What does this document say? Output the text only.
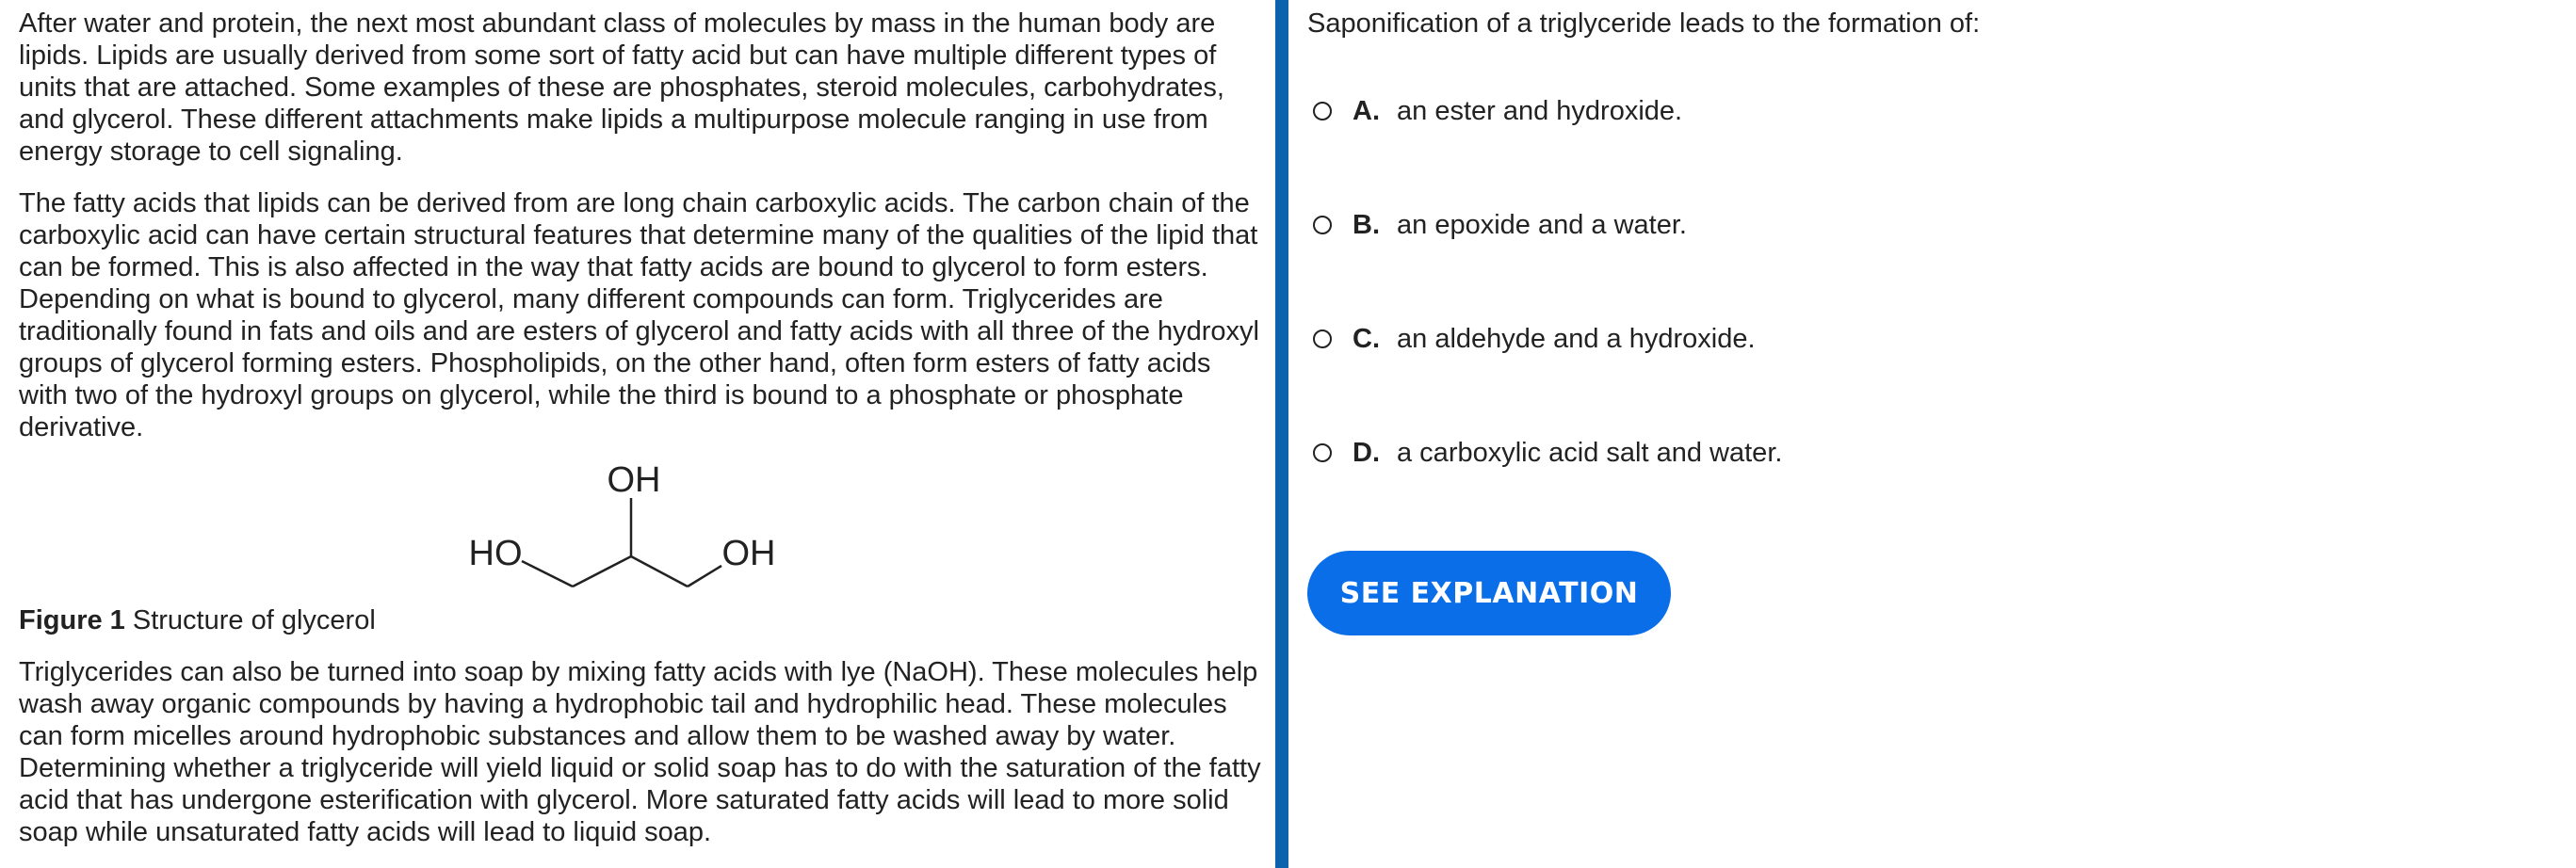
After water and protein, the next most abundant class of molecules by mass in the human body are lipids. Lipids are usually derived from some sort of fatty acid but can have multiple different types of units that are attached. Some examples of these are phosphates, steroid molecules, carbohydrates, and glycerol. These different attachments make lipids a multipurpose molecule ranging in use from energy storage to cell signaling.

The fatty acids that lipids can be derived from are long chain carboxylic acids. The carbon chain of the carboxylic acid can have certain structural features that determine many of the qualities of the lipid that can be formed. This is also affected in the way that fatty acids are bound to glycerol to form esters. Depending on what is bound to glycerol, many different compounds can form. Triglycerides are traditionally found in fats and oils and are esters of glycerol and fatty acids with all three of the hydroxyl groups of glycerol forming esters. Phospholipids, on the other hand, often form esters of fatty acids with two of the hydroxyl groups on glycerol, while the third is bound to a phosphate or phosphate derivative.

OH
HO	OH

Figure 1 Structure of glycerol

Triglycerides can also be turned into soap by mixing fatty acids with lye (NaOH). These molecules help wash away organic compounds by having a hydrophobic tail and hydrophilic head. These molecules can form micelles around hydrophobic substances and allow them to be washed away by water. Determining whether a triglyceride will yield liquid or solid soap has to do with the saturation of the fatty acid that has undergone esterification with glycerol. More saturated fatty acids will lead to more solid soap while unsaturated fatty acids will lead to liquid soap.

Saponification of a triglyceride leads to the formation of:

A. an ester and hydroxide.
B. an epoxide and a water.
C. an aldehyde and a hydroxide.
D. a carboxylic acid salt and water.
SEE EXPLANATION
